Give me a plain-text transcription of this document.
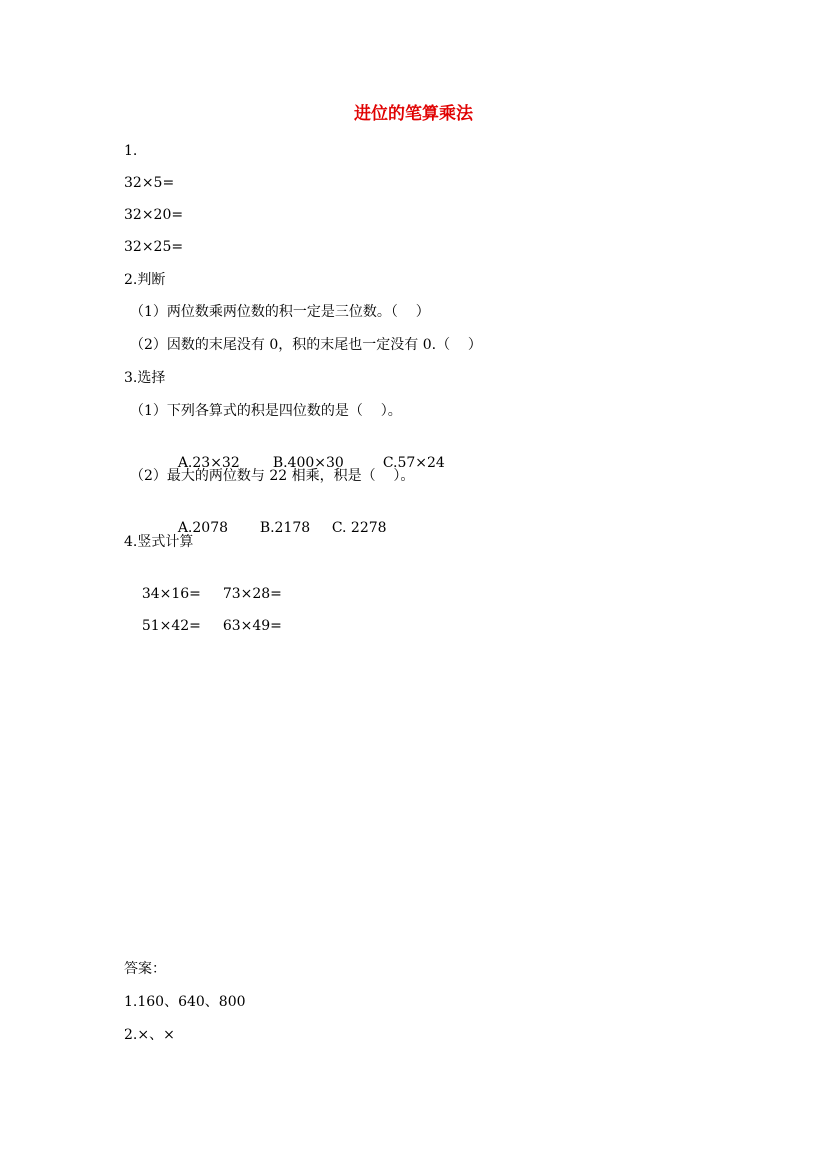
进位的笔算乘法
1.
32×5=
32×20=
32×25=
2.判断
（1）两位数乘两位数的积一定是三位数。（    ）
（2）因数的末尾没有 0，积的末尾也一定没有 0.（    ）
3.选择
（1）下列各算式的积是四位数的是（    ）。

A.23×32 B.400×30	C.57×24

（2）最大的两位数与 22 相乘，积是（    ）。

A.2078 B.2178 C. 2278

4.竖式计算

34×16= 73×28=

51×42= 63×49=

答案：
1.160、640、800
2.×、×
